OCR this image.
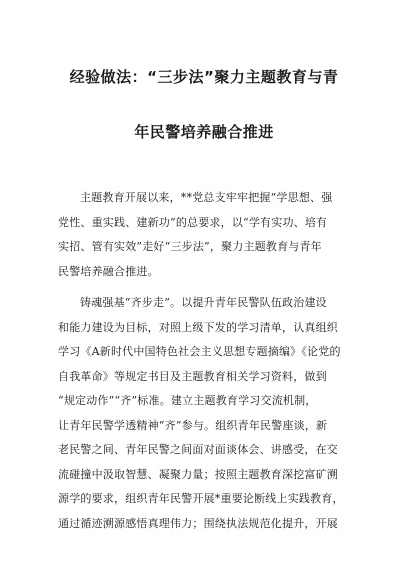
经验做法：“三步法”聚力主题教育与青
年民警培养融合推进
主题教育开展以来，**党总支牢牢把握“学思想、强
党性、重实践、建新功”的总要求，以“学有实功、培有
实招、管有实效”走好“三步法”，聚力主题教育与青年
民警培养融合推进。
铸魂强基“齐步走”。以提升青年民警队伍政治建设
和能力建设为目标，对照上级下发的学习清单，认真组织
学习《A新时代中国特色社会主义思想专题摘编》《论党的
自我革命》等规定书目及主题教育相关学习资料，做到
“规定动作”“齐”标准。建立主题教育学习交流机制，
让青年民警学透精神“齐”参与。组织青年民警座谈，新
老民警之间、青年民警之间面对面谈体会、讲感受，在交
流碰撞中汲取智慧、凝聚力量；按照主题教育深挖富矿溯
源学的要求，组织青年民警开展*重要论断线上实践教育，
通过循迹溯源感悟真理伟力；围绕执法规范化提升，开展
